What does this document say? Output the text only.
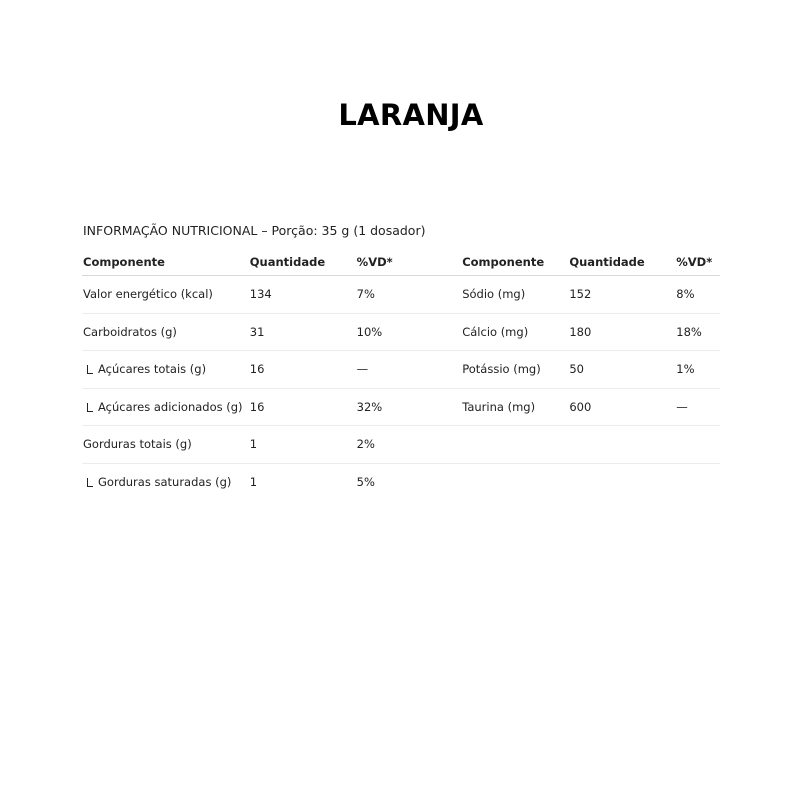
LARANJA
INFORMAÇÃO NUTRICIONAL – Porção: 35 g (1 dosador)
Componente	Quantidade	%VD*	Componente	Quantidade	%VD*
Valor energético (kcal)	134	7%	Sódio (mg)	152	8%
Carboidratos (g)	31	10%	Cálcio (mg)	180	18%
Açúcares totais (g)	16	—	Potássio (mg)	50	1%
Açúcares adicionados (g)	16	32%	Taurina (mg)	600	—
Gorduras totais (g)	1	2%			
Gorduras saturadas (g)	1	5%			
